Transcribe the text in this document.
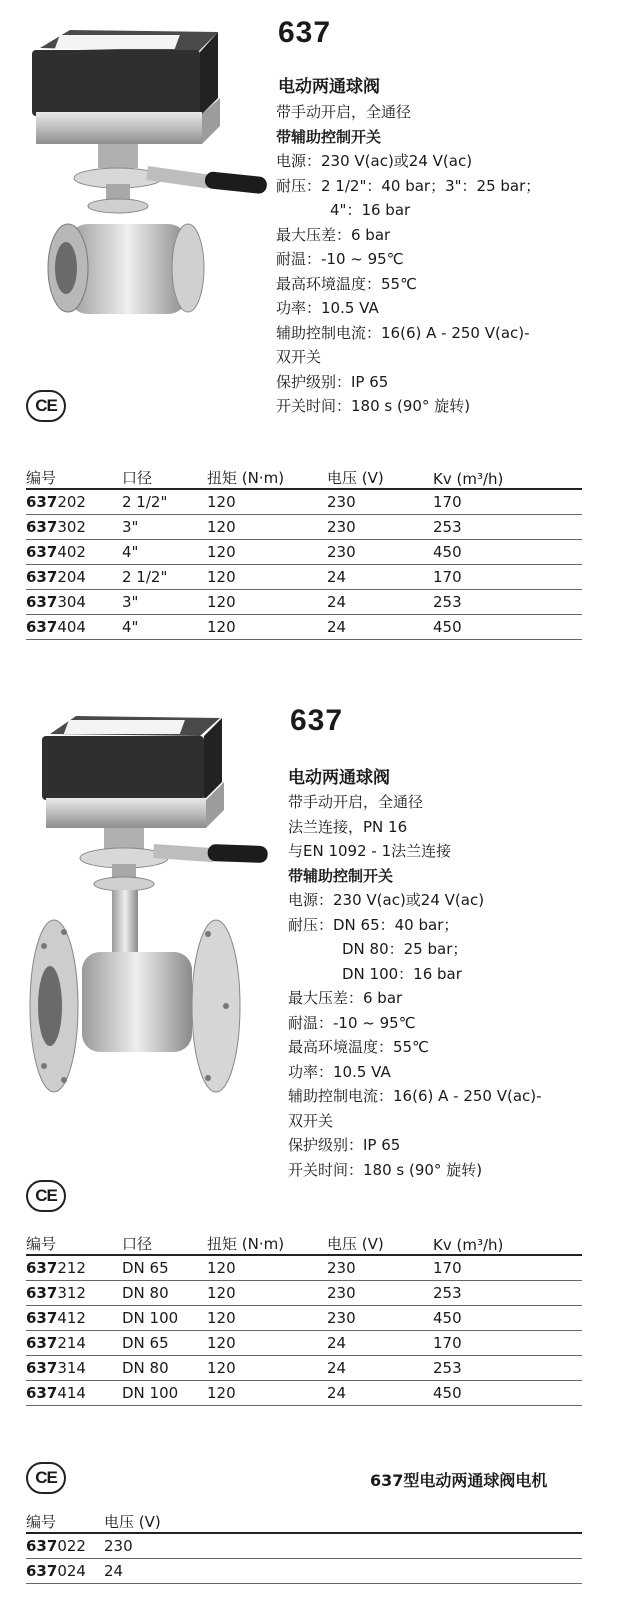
637
电动两通球阀
带手动开启，全通径
带辅助控制开关
电源：230 V(ac)或24 V(ac)
耐压：2 1/2"：40 bar；3"：25 bar；
4"：16 bar
最大压差：6 bar
耐温：-10 ~ 95℃
最高环境温度：55℃
功率：10.5 VA
辅助控制电流：16(6) A - 250 V(ac)-
双开关
保护级别：IP 65
开关时间：180 s (90° 旋转)
CE
编号	口径	扭矩 (N·m)	电压 (V)	Kv (m³/h)
637202	2 1/2"	120	230	170
637302	3"	120	230	253
637402	4"	120	230	450
637204	2 1/2"	120	24	170
637304	3"	120	24	253
637404	4"	120	24	450
637
电动两通球阀
带手动开启，全通径
法兰连接，PN 16
与EN 1092 - 1法兰连接
带辅助控制开关
电源：230 V(ac)或24 V(ac)
耐压：DN 65：40 bar；
DN 80：25 bar；
DN 100：16 bar
最大压差：6 bar
耐温：-10 ~ 95℃
最高环境温度：55℃
功率：10.5 VA
辅助控制电流：16(6) A - 250 V(ac)-
双开关
保护级别：IP 65
开关时间：180 s (90° 旋转)
CE
编号	口径	扭矩 (N·m)	电压 (V)	Kv (m³/h)
637212	DN 65	120	230	170
637312	DN 80	120	230	253
637412	DN 100	120	230	450
637214	DN 65	120	24	170
637314	DN 80	120	24	253
637414	DN 100	120	24	450
CE	637型电动两通球阀电机
编号	电压 (V)
637022	230
637024	24
